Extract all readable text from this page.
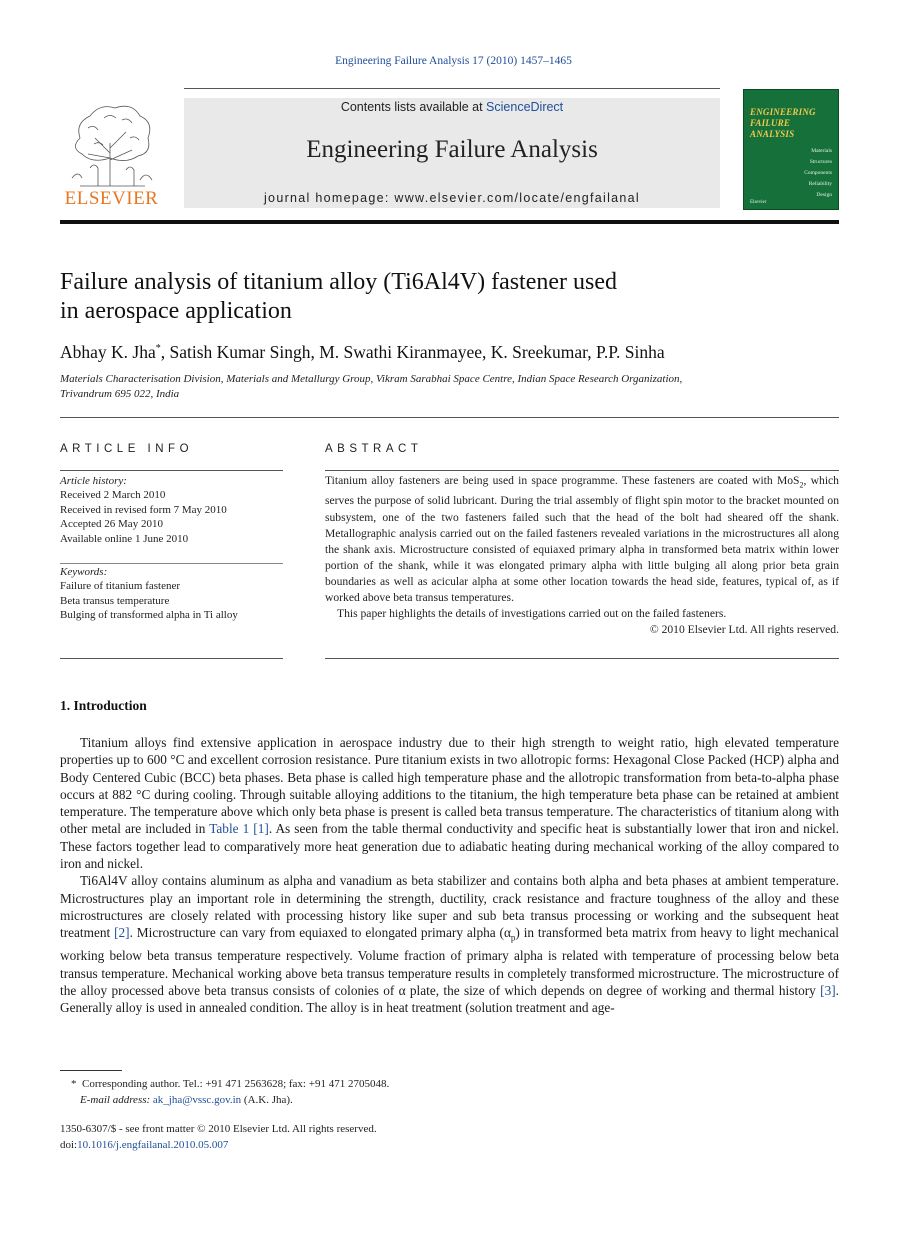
Engineering Failure Analysis 17 (2010) 1457–1465
ELSEVIER
Contents lists available at ScienceDirect
Engineering Failure Analysis
journal homepage: www.elsevier.com/locate/engfailanal
ENGINEERING
FAILURE
ANALYSIS
Materials
Structures
Components
Reliability
Design
Elsevier
Failure analysis of titanium alloy (Ti6Al4V) fastener used
in aerospace application
Abhay K. Jha*, Satish Kumar Singh, M. Swathi Kiranmayee, K. Sreekumar, P.P. Sinha
Materials Characterisation Division, Materials and Metallurgy Group, Vikram Sarabhai Space Centre, Indian Space Research Organization,
Trivandrum 695 022, India
ARTICLE INFO	ABSTRACT
Article history:
Received 2 March 2010
Received in revised form 7 May 2010
Accepted 26 May 2010
Available online 1 June 2010
Keywords:
Failure of titanium fastener
Beta transus temperature
Bulging of transformed alpha in Ti alloy

Titanium alloy fasteners are being used in space programme. These fasteners are coated with MoS$_2$, which serves the purpose of solid lubricant. During the trial assembly of flight spin motor to the bracket mounted on subsystem, one of the two fasteners failed such that the head of the bolt had sheared off the shank. Metallographic analysis carried out on the failed fasteners revealed variations in the microstructures all along the shank axis. Microstructure consisted of equiaxed primary alpha in transformed beta matrix within lower portion of the shank, while it was elongated primary alpha with little bulging all along prior beta grain boundaries as well as acicular alpha at some other location towards the head side, features, typical of, as if worked above beta transus temperatures.

This paper highlights the details of investigations carried out on the failed fasteners.

© 2010 Elsevier Ltd. All rights reserved.

1. Introduction

Titanium alloys find extensive application in aerospace industry due to their high strength to weight ratio, high elevated temperature properties up to 600 °C and excellent corrosion resistance. Pure titanium exists in two allotropic forms: Hexagonal Close Packed (HCP) alpha and Body Centered Cubic (BCC) beta phases. Beta phase is called high temperature phase and the allotropic transformation from beta-to-alpha phase occurs at 882 °C during cooling. Through suitable alloying additions to the titanium, the high temperature beta phase can be retained at ambient temperature. The temperature above which only beta phase is present is called beta transus temperature. The characteristics of titanium along with other metal are included in Table 1 [1]. As seen from the table thermal conductivity and specific heat is substantially lower that iron and nickel. These factors together lead to comparatively more heat generation due to adiabatic heating during mechanical working of the alloy compared to iron and nickel.

Ti6Al4V alloy contains aluminum as alpha and vanadium as beta stabilizer and contains both alpha and beta phases at ambient temperature. Microstructures play an important role in determining the strength, ductility, crack resistance and fracture toughness of the alloy and these microstructures are closely related with processing history like super and sub beta transus processing or working and the subsequent heat treatment [2]. Microstructure can vary from equiaxed to elongated primary alpha $(\alpha_p)$ in transformed beta matrix from heavy to light mechanical working below beta transus temperature respectively. Volume fraction of primary alpha is related with temperature of processing below beta transus temperature. Mechanical working above beta transus temperature results in completely transformed microstructure. The microstructure of the alloy processed above beta transus consists of colonies of α plate, the size of which depends on degree of working and thermal history [3]. Generally alloy is used in annealed condition. The alloy is in heat treatment (solution treatment and age-

* Corresponding author. Tel.: +91 471 2563628; fax: +91 471 2705048.
E-mail address: ak_jha@vssc.gov.in (A.K. Jha).
1350-6307/$ - see front matter © 2010 Elsevier Ltd. All rights reserved.
doi:10.1016/j.engfailanal.2010.05.007
